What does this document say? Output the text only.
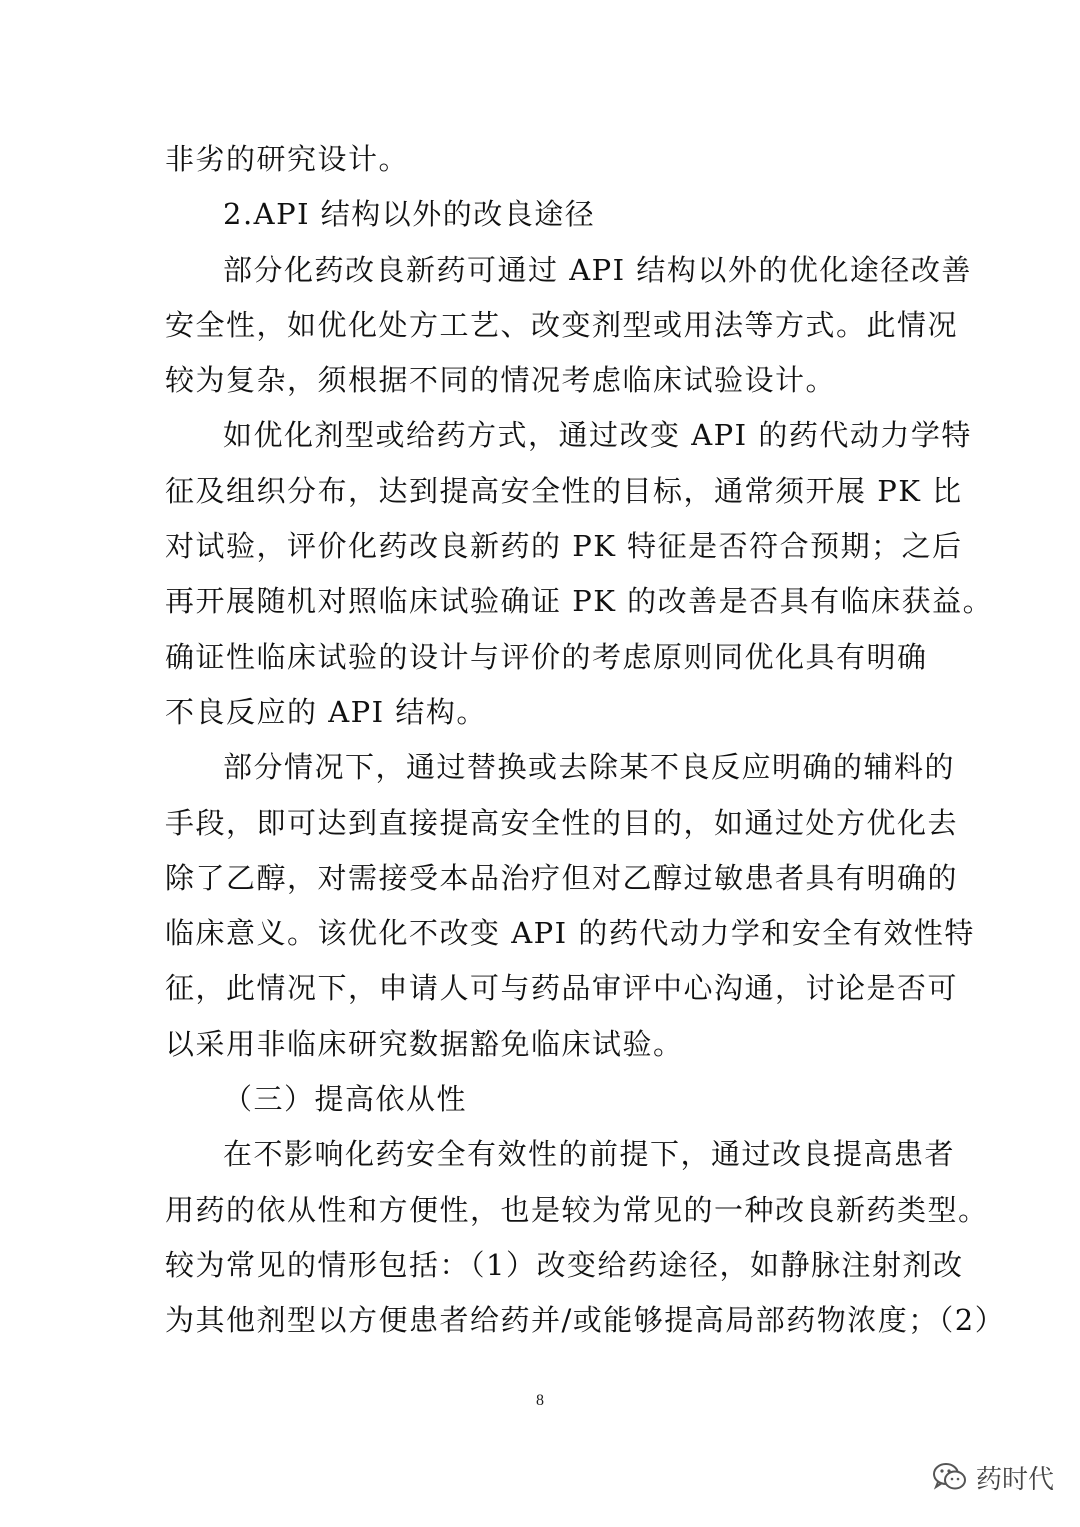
非劣的研究设计。
2.API 结构以外的改良途径
部分化药改良新药可通过 API 结构以外的优化途径改善
安全性，如优化处方工艺、改变剂型或用法等方式。此情况
较为复杂，须根据不同的情况考虑临床试验设计。
如优化剂型或给药方式，通过改变 API 的药代动力学特
征及组织分布，达到提高安全性的目标，通常须开展 PK 比
对试验，评价化药改良新药的 PK 特征是否符合预期；之后
再开展随机对照临床试验确证 PK 的改善是否具有临床获益。
确证性临床试验的设计与评价的考虑原则同优化具有明确
不良反应的 API 结构。
部分情况下，通过替换或去除某不良反应明确的辅料的
手段，即可达到直接提高安全性的目的，如通过处方优化去
除了乙醇，对需接受本品治疗但对乙醇过敏患者具有明确的
临床意义。该优化不改变 API 的药代动力学和安全有效性特
征，此情况下，申请人可与药品审评中心沟通，讨论是否可
以采用非临床研究数据豁免临床试验。
（三）提高依从性
在不影响化药安全有效性的前提下，通过改良提高患者
用药的依从性和方便性，也是较为常见的一种改良新药类型。
较为常见的情形包括：（1）改变给药途径，如静脉注射剂改
为其他剂型以方便患者给药并/或能够提高局部药物浓度；（2）
8
药时代
